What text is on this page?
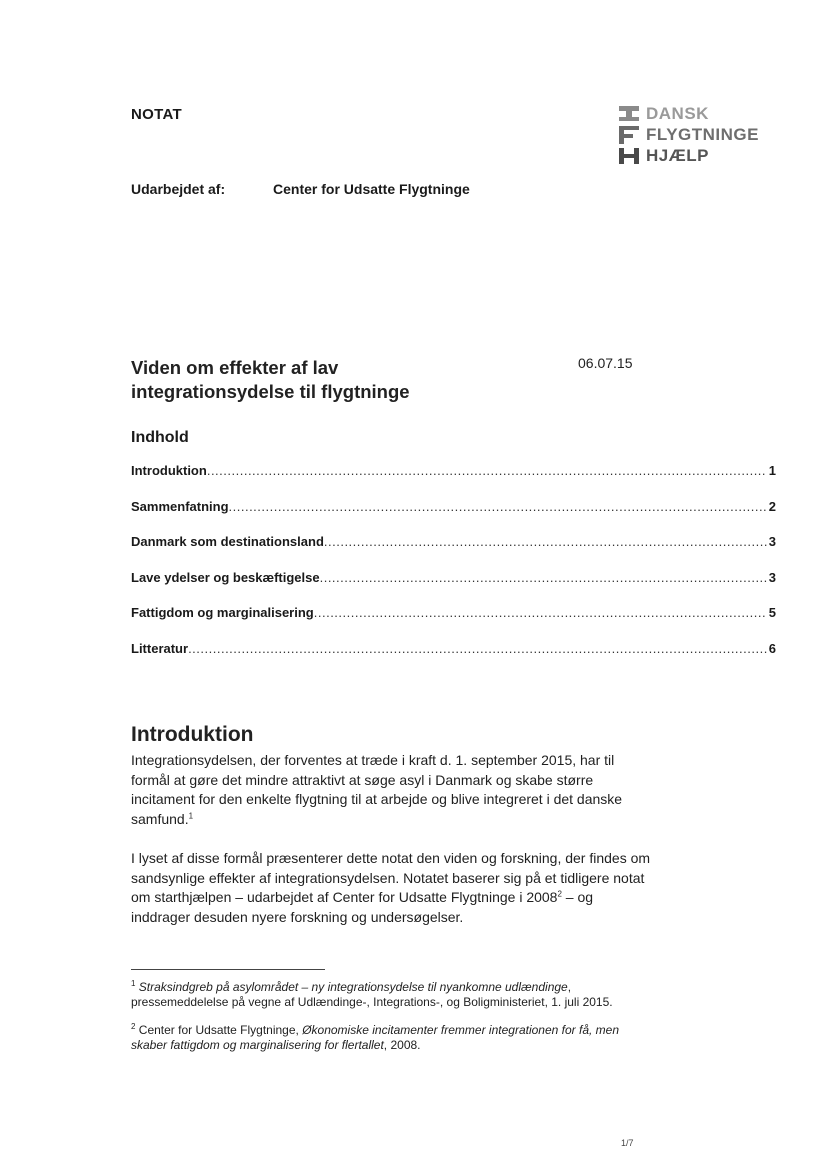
NOTAT	DANSK
FLYGTNINGE
HJÆLP
Udarbejdet af:	Center for Udsatte Flygtninge
Viden om effekter af lav
integrationsydelse til flygtninge
06.07.15
Indhold
Introduktion .....	1
Sammenfatning .....	2
Danmark som destinationsland .....	3
Lave ydelser og beskæftigelse .....	3
Fattigdom og marginalisering .....	5
Litteratur .....	6
Introduktion
Integrationsydelsen, der forventes at træde i kraft d. 1. september 2015, har til formål at gøre det mindre attraktivt at søge asyl i Danmark og skabe større incitament for den enkelte flygtning til at arbejde og blive integreret i det danske samfund.$^1$
I lyset af disse formål præsenterer dette notat den viden og forskning, der findes om sandsynlige effekter af integrationsydelsen. Notatet baserer sig på et tidligere notat om starthjælpen – udarbejdet af Center for Udsatte Flygtninge i 2008$^2$ – og inddrager desuden nyere forskning og undersøgelser.
$^1$ Straksindgreb på asylområdet – ny integrationsydelse til nyankomne udlændinge, pressemeddelelse på vegne af Udlændinge-, Integrations-, og Boligministeriet, 1. juli 2015.
$^2$ Center for Udsatte Flygtninge, Økonomiske incitamenter fremmer integrationen for få, men skaber fattigdom og marginalisering for flertallet, 2008.
1/7
